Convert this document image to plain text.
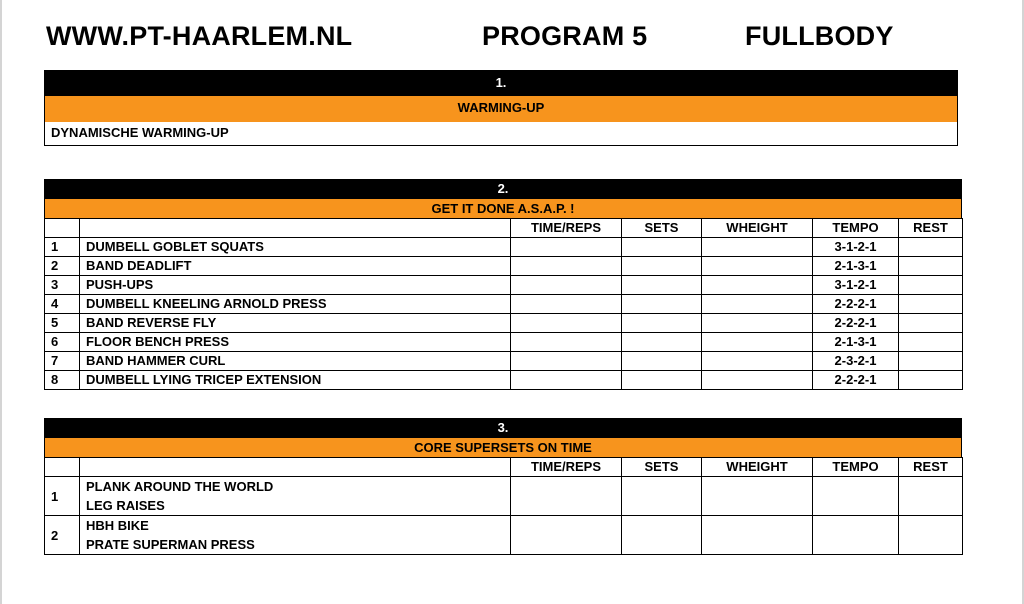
WWW.PT-HAARLEM.NL	PROGRAM 5	FULLBODY
1.
WARMING-UP
DYNAMISCHE WARMING-UP
2.
GET IT DONE A.S.A.P. !
		TIME/REPS	SETS	WHEIGHT	TEMPO	REST
1	DUMBELL GOBLET SQUATS				3-1-2-1	
2	BAND DEADLIFT				2-1-3-1	
3	PUSH-UPS				3-1-2-1	
4	DUMBELL KNEELING ARNOLD PRESS				2-2-2-1	
5	BAND REVERSE FLY				2-2-2-1	
6	FLOOR BENCH PRESS				2-1-3-1	
7	BAND HAMMER CURL				2-3-2-1	
8	DUMBELL LYING TRICEP EXTENSION				2-2-2-1	
3.
CORE SUPERSETS ON TIME
		TIME/REPS	SETS	WHEIGHT	TEMPO	REST
1	PLANK AROUND THE WORLD
LEG RAISES					

2	HBH BIKE
PRATE SUPERMAN PRESS					
